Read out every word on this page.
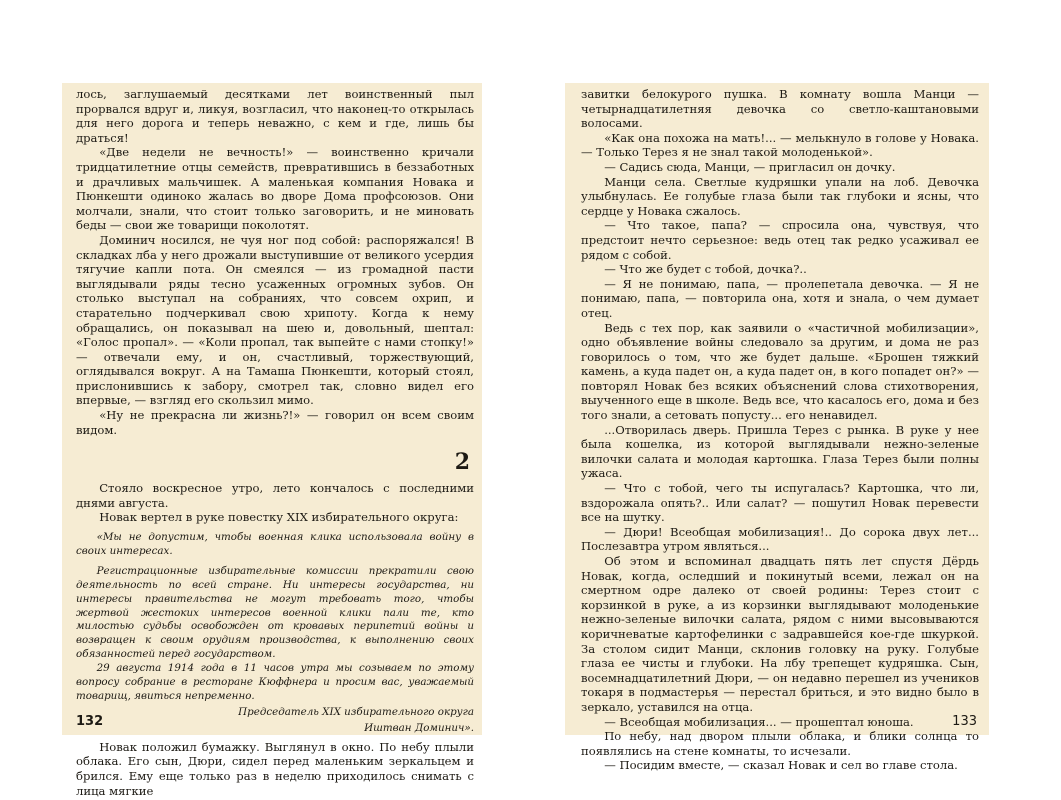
лось, заглушаемый десятками лет воинственный пыл прорвался вдруг и, ликуя, возгласил, что наконец-то открылась для него дорога и теперь неважно, с кем и где, лишь бы драться!

«Две недели не вечность!» — воинственно кричали тридцатилетние отцы семейств, превратившись в беззаботных и драчливых мальчишек. А маленькая компания Новака и Пюнкешти одиноко жалась во дворе Дома профсоюзов. Они молчали, знали, что стоит только заговорить, и не миновать беды — свои же товарищи поколотят.

Доминич носился, не чуя ног под собой: распоряжался! В складках лба у него дрожали выступившие от великого усердия тягучие капли пота. Он смеялся — из громадной пасти выглядывали ряды тесно усаженных огромных зубов. Он столько выступал на собраниях, что совсем охрип, и старательно подчеркивал свою хрипоту. Когда к нему обращались, он показывал на шею и, довольный, шептал: «Голос пропал». — «Коли пропал, так выпейте с нами стопку!» — отвечали ему, и он, счастливый, торжествующий, оглядывался вокруг. А на Тамаша Пюнкешти, который стоял, прислонившись к забору, смотрел так, словно видел его впервые, — взгляд его скользил мимо.

«Ну не прекрасна ли жизнь?!» — говорил он всем своим видом.

2

Стояло воскресное утро, лето кончалось с последними днями августа.

Новак вертел в руке повестку XIX избирательного округа:

«Мы не допустим, чтобы военная клика использовала войну в своих интересах.

Регистрационные избирательные комиссии прекратили свою деятельность по всей стране. Ни интересы государства, ни интересы правительства не могут требовать того, чтобы жертвой жестоких интересов военной клики пали те, кто милостью судьбы освобожден от кровавых перипетий войны и возвращен к своим орудиям производства, к выполнению своих обязанностей перед государством.

29 августа 1914 года в 11 часов утра мы созываем по этому вопросу собрание в ресторане Кюффнера и просим вас, уважаемый товарищ, явиться непременно.

Председатель XIX избирательного округа

Иштван Доминич».

Новак положил бумажку. Выглянул в окно. По небу плыли облака. Его сын, Дюри, сидел перед маленьким зеркальцем и брился. Ему еще только раз в неделю приходилось снимать с лица мягкие

132

завитки белокурого пушка. В комнату вошла Манци — четырнадцатилетняя девочка со светло-каштановыми волосами.

«Как она похожа на мать!... — мелькнуло в голове у Новака. — Только Терез я не знал такой молоденькой».

— Садись сюда, Манци, — пригласил он дочку.

Манци села. Светлые кудряшки упали на лоб. Девочка улыбнулась. Ее голубые глаза были так глубоки и ясны, что сердце у Новака сжалось.

— Что такое, папа? — спросила она, чувствуя, что предстоит нечто серьезное: ведь отец так редко усаживал ее рядом с собой.

— Что же будет с тобой, дочка?..

— Я не понимаю, папа, — пролепетала девочка. — Я не понимаю, папа, — повторила она, хотя и знала, о чем думает отец.

Ведь с тех пор, как заявили о «частичной мобилизации», одно объявление войны следовало за другим, и дома не раз говорилось о том, что же будет дальше. «Брошен тяжкий камень, а куда падет он, а куда падет он, в кого попадет он?» — повторял Новак без всяких объяснений слова стихотворения, выученного еще в школе. Ведь все, что касалось его, дома и без того знали, а сетовать попусту... его ненавидел.

...Отворилась дверь. Пришла Терез с рынка. В руке у нее была кошелка, из которой выглядывали нежно-зеленые вилочки салата и молодая картошка. Глаза Терез были полны ужаса.

— Что с тобой, чего ты испугалась? Картошка, что ли, вздорожала опять?.. Или салат? — пошутил Новак перевести все на шутку.

— Дюри! Всеобщая мобилизация!.. До сорока двух лет... Послезавтра утром являться...

Об этом и вспоминал двадцать пять лет спустя Дёрдь Новак, когда, оследший и покинутый всеми, лежал он на смертном одре далеко от своей родины: Терез стоит с корзинкой в руке, а из корзинки выглядывают молоденькие нежно-зеленые вилочки салата, рядом с ними высовываются коричневатые картофелинки с задравшейся кое-где шкуркой. За столом сидит Манци, склонив головку на руку. Голубые глаза ее чисты и глубоки. На лбу трепещет кудряшка. Сын, восемнадцатилетний Дюри, — он недавно перешел из учеников токаря в подмастерья — перестал бриться, и это видно было в зеркало, уставился на отца.

— Всеобщая мобилизация... — прошептал юноша.

По небу, над двором плыли облака, и блики солнца то появлялись на стене комнаты, то исчезали.

— Посидим вместе, — сказал Новак и сел во главе стола.

133
